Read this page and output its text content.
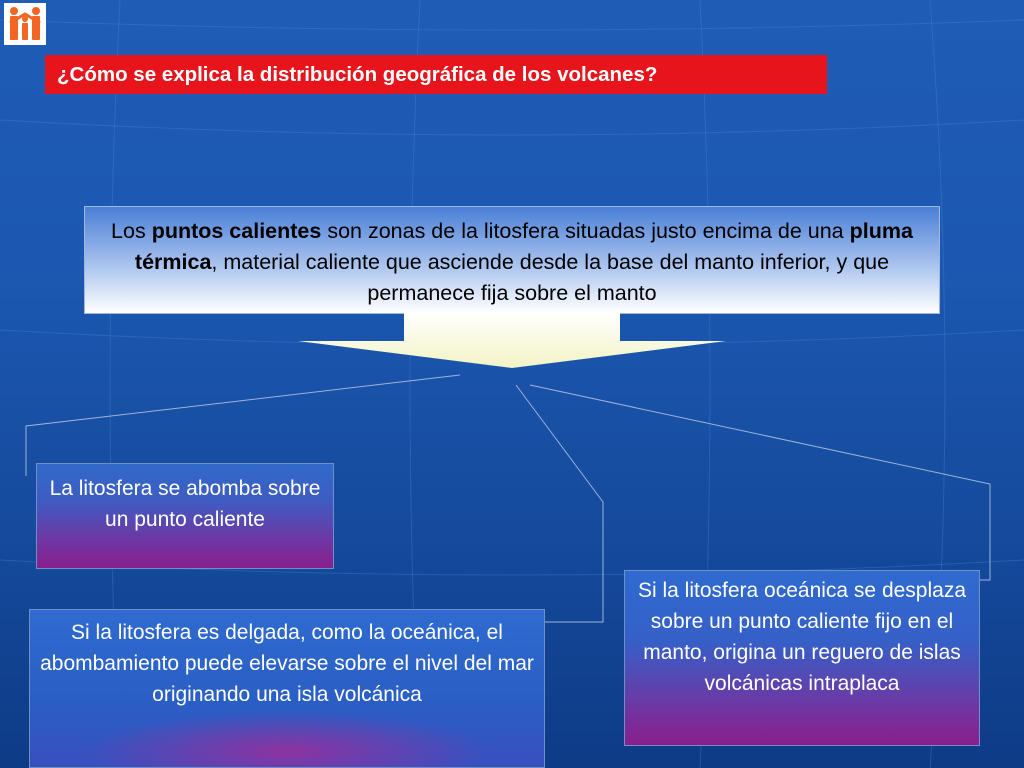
¿Cómo se explica la distribución geográfica de los volcanes?
Los puntos calientes son zonas de la litosfera situadas justo encima de una pluma térmica, material caliente que asciende desde la base del manto inferior, y que permanece fija sobre el manto
La litosfera se abomba sobre un punto caliente
Si la litosfera es delgada, como la oceánica, el abombamiento puede elevarse sobre el nivel del mar originando una isla volcánica
Si la litosfera oceánica se desplaza sobre un punto caliente fijo en el manto, origina un reguero de islas volcánicas intraplaca
